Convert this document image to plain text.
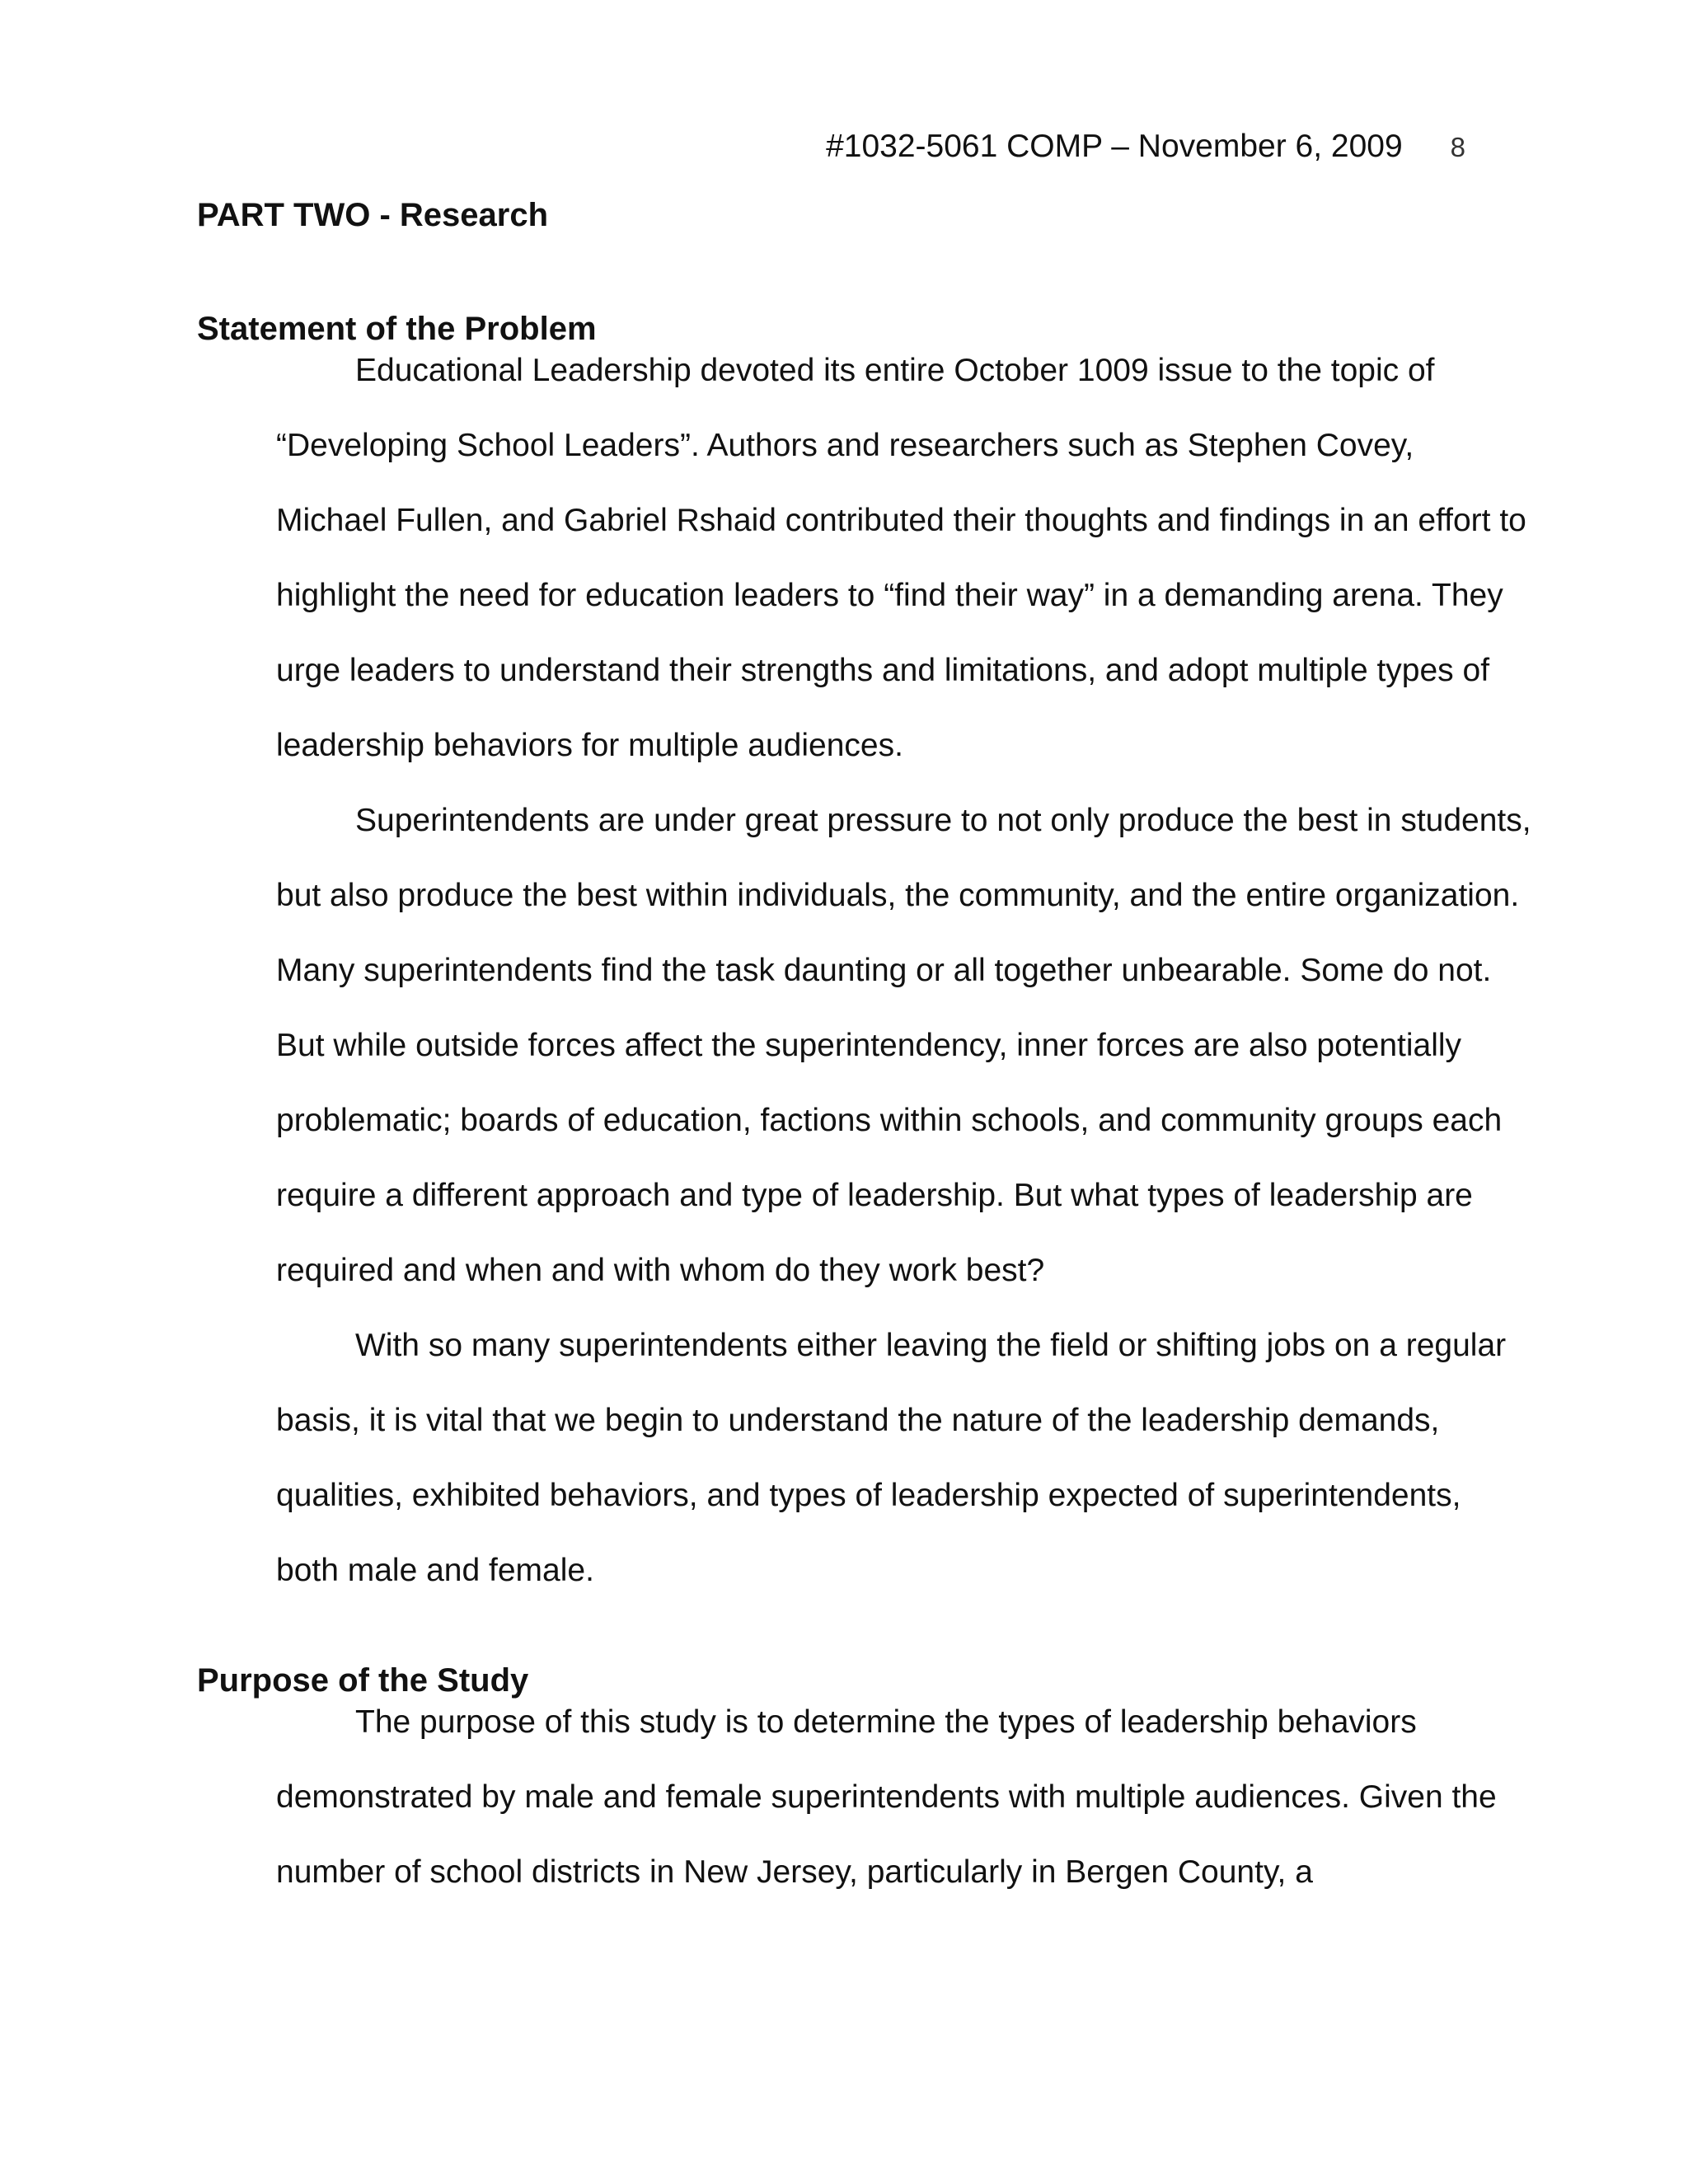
#1032-5061 COMP – November 6, 2009 8
PART TWO - Research
Statement of the Problem
Educational Leadership devoted its entire October 1009 issue to the topic of
“Developing School Leaders”. Authors and researchers such as Stephen Covey,
Michael Fullen, and Gabriel Rshaid contributed their thoughts and findings in an effort to
highlight the need for education leaders to “find their way” in a demanding arena. They
urge leaders to understand their strengths and limitations, and adopt multiple types of
leadership behaviors for multiple audiences.
Superintendents are under great pressure to not only produce the best in students,
but also produce the best within individuals, the community, and the entire organization.
Many superintendents find the task daunting or all together unbearable. Some do not.
But while outside forces affect the superintendency, inner forces are also potentially
problematic; boards of education, factions within schools, and community groups each
require a different approach and type of leadership. But what types of leadership are
required and when and with whom do they work best?
With so many superintendents either leaving the field or shifting jobs on a regular
basis, it is vital that we begin to understand the nature of the leadership demands,
qualities, exhibited behaviors, and types of leadership expected of superintendents,
both male and female.
Purpose of the Study
The purpose of this study is to determine the types of leadership behaviors
demonstrated by male and female superintendents with multiple audiences. Given the
number of school districts in New Jersey, particularly in Bergen County, a
